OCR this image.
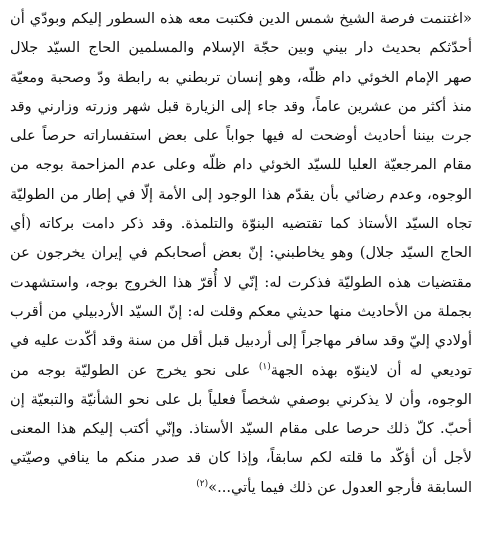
«اغتنمت فرصة الشيخ شمس الدين فكتبت معه هذه السطور إليكم وبودّي أن
أحدّثكم بحديث دار بيني وبين حجّة الإسلام والمسلمين الحاج السيّد جلال
صهر الإمام الخوئي دام ظلّه، وهو إنسان تربطني به رابطة ودّ وصحبة ومعيّة
منذ أكثر من عشرين عاماً، وقد جاء إلى الزيارة قبل شهر وزرته وزارني وقد
جرت بيننا أحاديث أوضحت له فيها جواباً على بعض استفساراته حرصاً على
مقام المرجعيّة العليا للسيّد الخوئي دام ظلّه وعلى عدم المزاحمة بوجه من
الوجوه، وعدم رضائي بأن يقدّم هذا الوجود إلى الأمة إلّا في إطار من الطوليّة
تجاه السيّد الأستاذ كما تقتضيه البنوّة والتلمذة. وقد ذكر دامت بركاته (أي
الحاج السيّد جلال) وهو يخاطبني: إنّ بعض أصحابكم في إيران يخرجون عن
مقتضيات هذه الطوليّة فذكرت له: إنّي لا أُقرّ هذا الخروج بوجه، واستشهدت
بجملة من الأحاديث منها حديثي معكم وقلت له: إنّ السيّد الأردبيلي من أقرب
أولادي إليّ وقد سافر مهاجراً إلى أردبيل قبل أقل من سنة وقد أكّدت عليه في
توديعي له أن لاينوّه بهذه الجهة$^{(١)}$ على نحو يخرج عن الطوليّة بوجه من
الوجوه، وأن لا يذكرني بوصفي شخصاً فعلياً بل على نحو الشأنيّة والتبعيّة إن
أحبّ. كلّ ذلك حرصا على مقام السيّد الأستاذ. وإنّي أكتب إليكم هذا المعنى
لأجل أن أؤكّد ما قلته لكم سابقاً، وإذا كان قد صدر منكم ما ينافي وصيّتي
السابقة فأرجو العدول عن ذلك فيما يأتي...»$^{(٢)}$
